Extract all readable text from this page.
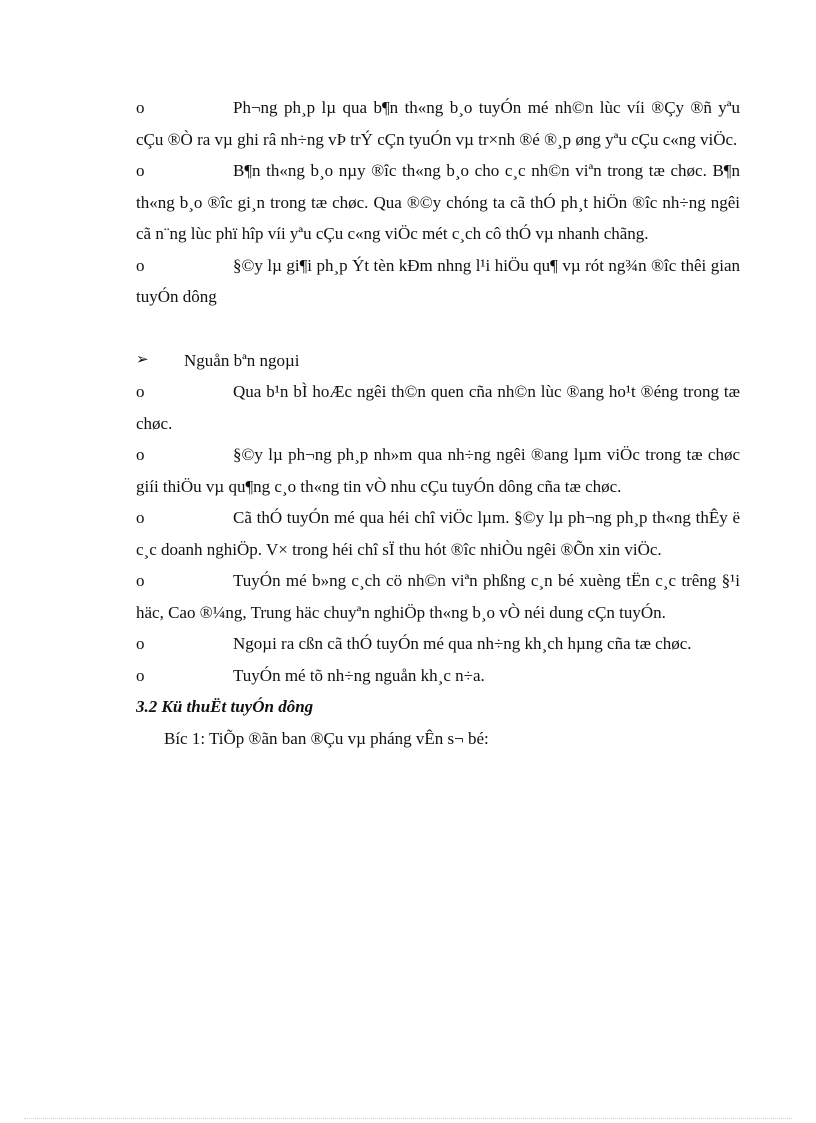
o	Ph¬ng ph¸p lµ qua b¶n th«ng b¸o tuyÓn mé nh©n lùc víi ®Çy ®ñ yªu cÇu ®Ò ra vµ ghi râ nh÷ng vÞ trÝ cÇn tyuÓn vµ tr×nh ®é ®¸p øng yªu cÇu c«ng viÖc.

o	B¶n th«ng b¸o nµy ®îc th«ng b¸o cho c¸c nh©n viªn trong tæ chøc. B¶n th«ng b¸o ®îc gi¸n trong tæ chøc. Qua ®©y chóng ta cã thÓ ph¸t hiÖn ®îc nh÷ng ngêi cã n¨ng lùc phï hîp víi yªu cÇu c«ng viÖc mét c¸ch cô thÓ vµ nhanh chãng.

o	§©y lµ gi¶i ph¸p Ýt tèn kÐm nhng l¹i hiÖu qu¶ vµ rót ng¾n ®îc thêi gian tuyÓn dông

➢ Nguån bªn ngoµi

o	Qua b¹n bÌ hoÆc ngêi th©n quen cña nh©n lùc ®ang ho¹t ®éng trong tæ chøc.

o	§©y lµ ph¬ng ph¸p nh»m qua nh÷ng ngêi ®ang lµm viÖc trong tæ chøc giíi thiÖu vµ qu¶ng c¸o th«ng tin vÒ nhu cÇu tuyÓn dông cña tæ chøc.

o	Cã thÓ tuyÓn mé qua héi chî viÖc lµm. §©y lµ ph¬ng ph¸p th«ng thÊy ë c¸c doanh nghiÖp. V× trong héi chî sÏ thu hót ®îc nhiÒu ngêi ®Õn xin viÖc.

o	TuyÓn mé b»ng c¸ch cö nh©n viªn phßng c¸n bé xuèng tËn c¸c trêng §¹i häc, Cao ®¼ng, Trung häc chuyªn nghiÖp th«ng b¸o vÒ néi dung cÇn tuyÓn.

o	Ngoµi ra cßn cã thÓ tuyÓn mé qua nh÷ng kh¸ch hµng cña tæ chøc.

o	TuyÓn mé tõ nh÷ng nguån kh¸c n÷a.

3.2 Kü thuËt tuyÓn dông

Bíc 1: TiÕp ®ãn ban ®Çu vµ pháng vÊn s¬ bé:
